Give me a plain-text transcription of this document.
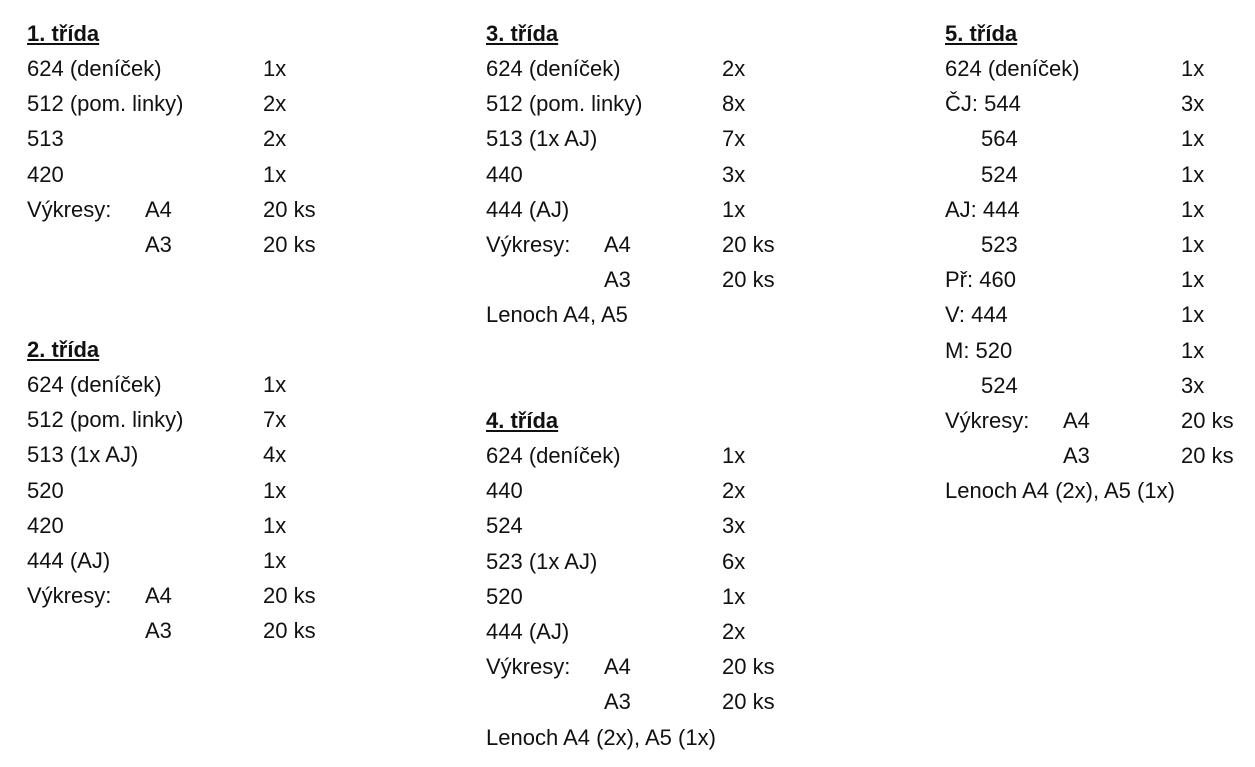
1. třída
624 (deníček)	1x
512 (pom. linky)	2x
513	2x
420	1x
Výkresy: A4	20 ks
A3	20 ks
2. třída
624 (deníček)	1x
512 (pom. linky)	7x
513 (1x AJ)	4x
520	1x
420	1x
444 (AJ)	1x
Výkresy: A4	20 ks
A3	20 ks
3. třída
624 (deníček)	2x
512 (pom. linky)	8x
513 (1x AJ)	7x
440	3x
444 (AJ)	1x
Výkresy: A4	20 ks
A3	20 ks
Lenoch A4, A5
4. třída
624 (deníček)	1x
440	2x
524	3x
523 (1x AJ)	6x
520	1x
444 (AJ)	2x
Výkresy: A4	20 ks
A3	20 ks
Lenoch A4 (2x), A5 (1x)
5. třída
624 (deníček)	1x
ČJ: 544	3x
564	1x
524	1x
AJ: 444	1x
523	1x
Př: 460	1x
V: 444	1x
M: 520	1x
524	3x
Výkresy: A4	20 ks
A3	20 ks
Lenoch A4 (2x), A5 (1x)
